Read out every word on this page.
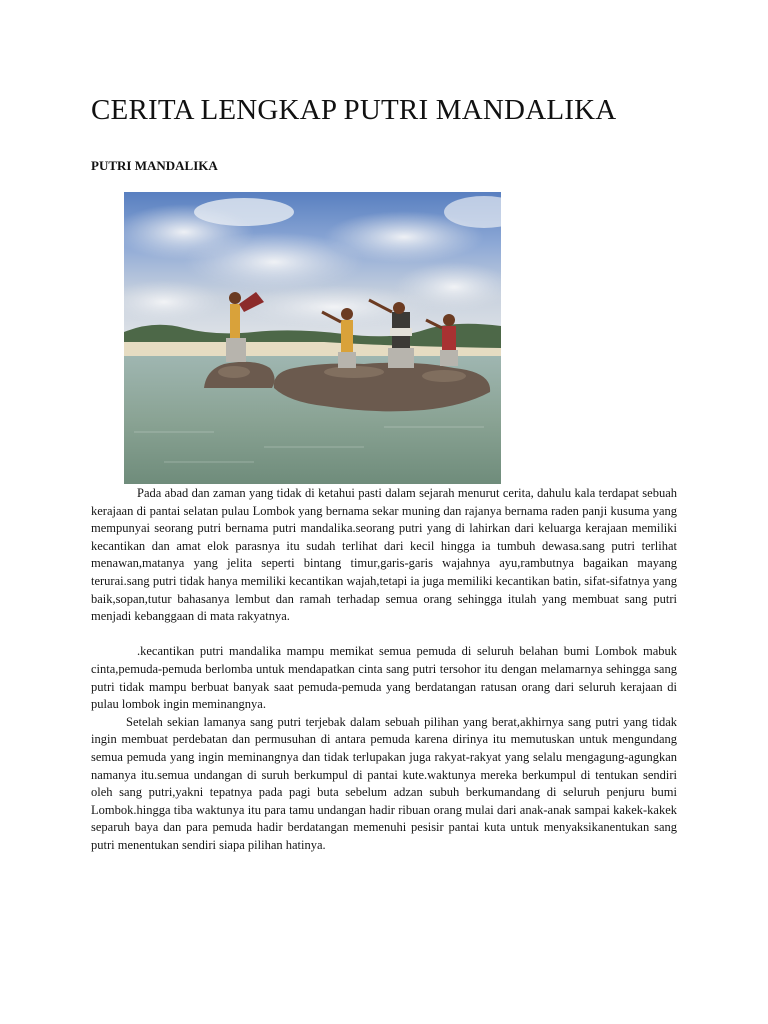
CERITA LENGKAP PUTRI MANDALIKA
PUTRI MANDALIKA

Pada abad dan zaman yang tidak di ketahui pasti dalam sejarah menurut cerita, dahulu kala terdapat sebuah kerajaan di pantai selatan pulau Lombok yang bernama sekar muning dan rajanya bernama raden panji kusuma yang mempunyai seorang putri bernama putri mandalika.seorang putri yang di lahirkan dari keluarga kerajaan memiliki kecantikan dan amat elok parasnya itu sudah terlihat dari kecil hingga ia tumbuh dewasa.sang putri terlihat menawan,matanya yang jelita seperti bintang timur,garis-garis wajahnya ayu,rambutnya bagaikan mayang terurai.sang putri tidak hanya memiliki kecantikan wajah,tetapi ia juga memiliki kecantikan batin, sifat-sifatnya yang baik,sopan,tutur bahasanya lembut dan ramah terhadap semua orang sehingga itulah yang membuat sang putri menjadi kebanggaan di mata rakyatnya.

.kecantikan putri mandalika mampu memikat semua pemuda di seluruh belahan bumi Lombok mabuk cinta,pemuda-pemuda berlomba untuk mendapatkan cinta sang putri tersohor itu dengan melamarnya sehingga sang putri tidak mampu berbuat banyak saat pemuda-pemuda yang berdatangan ratusan orang dari seluruh kerajaan di pulau lombok ingin meminangnya.

Setelah sekian lamanya sang putri terjebak dalam sebuah pilihan yang berat,akhirnya sang putri yang tidak ingin membuat perdebatan dan permusuhan di antara pemuda karena dirinya itu memutuskan untuk mengundang semua pemuda yang ingin meminangnya dan tidak terlupakan juga rakyat-rakyat yang selalu mengagung-agungkan namanya itu.semua undangan di suruh berkumpul di pantai kute.waktunya mereka berkumpul di tentukan sendiri oleh sang putri,yakni tepatnya pada pagi buta sebelum adzan subuh berkumandang di seluruh penjuru bumi Lombok.hingga tiba waktunya itu para tamu undangan hadir ribuan orang mulai dari anak-anak sampai kakek-kakek separuh baya dan para pemuda hadir berdatangan memenuhi pesisir pantai kuta untuk menyaksikanentukan sang putri menentukan sendiri siapa pilihan hatinya.
